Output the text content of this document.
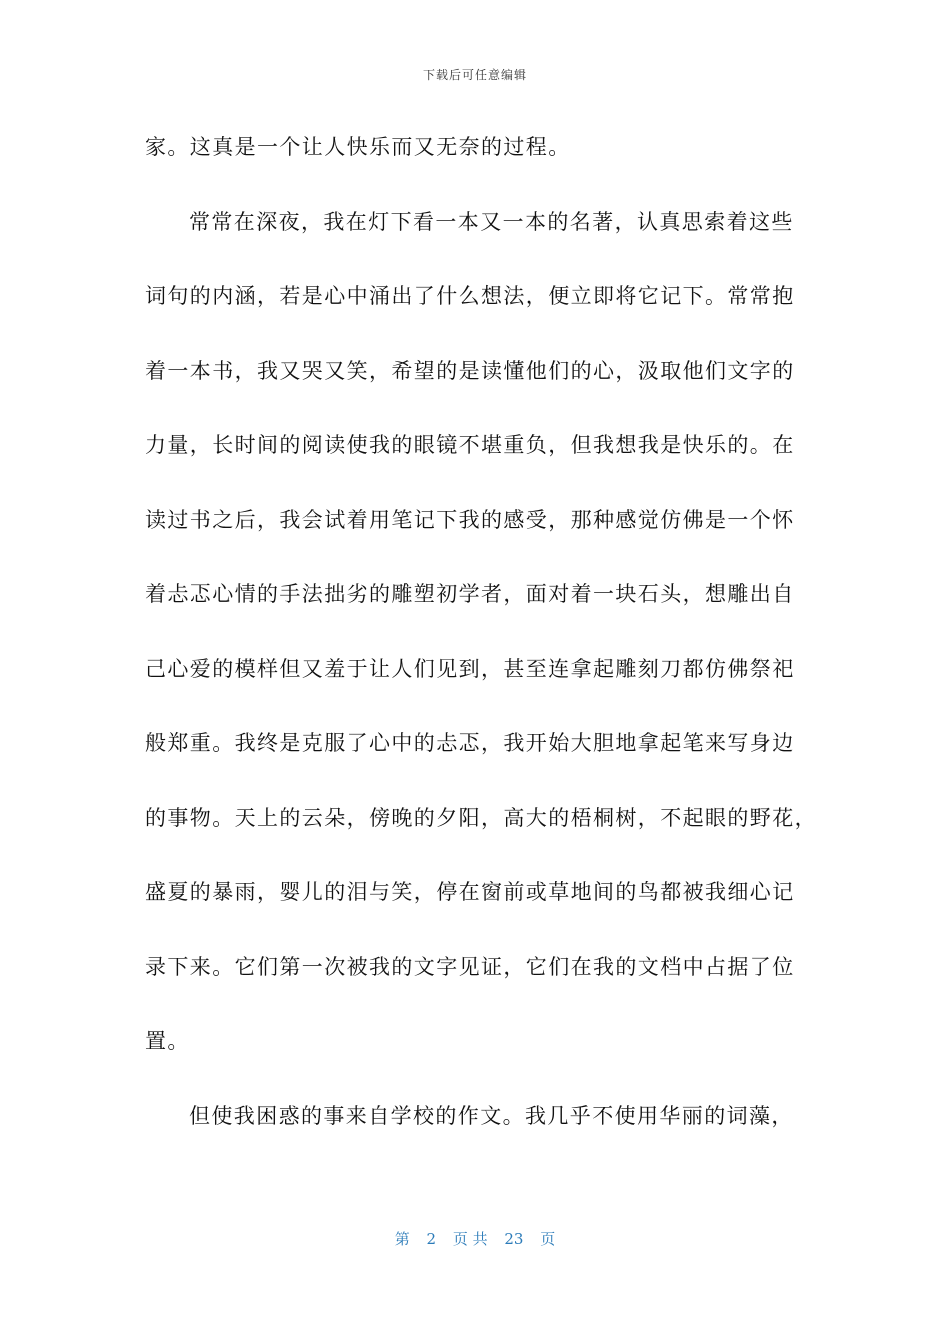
下载后可任意编辑
家。这真是一个让人快乐而又无奈的过程。
常常在深夜，我在灯下看一本又一本的名著，认真思索着这些
词句的内涵，若是心中涌出了什么想法，便立即将它记下。常常抱
着一本书，我又哭又笑，希望的是读懂他们的心，汲取他们文字的
力量，长时间的阅读使我的眼镜不堪重负，但我想我是快乐的。在
读过书之后，我会试着用笔记下我的感受，那种感觉仿佛是一个怀
着忐忑心情的手法拙劣的雕塑初学者，面对着一块石头，想雕出自
己心爱的模样但又羞于让人们见到，甚至连拿起雕刻刀都仿佛祭祀
般郑重。我终是克服了心中的忐忑，我开始大胆地拿起笔来写身边
的事物。天上的云朵，傍晚的夕阳，高大的梧桐树，不起眼的野花，
盛夏的暴雨，婴儿的泪与笑，停在窗前或草地间的鸟都被我细心记
录下来。它们第一次被我的文字见证，它们在我的文档中占据了位
置。
但使我困惑的事来自学校的作文。我几乎不使用华丽的词藻，
第 2 页 共 23 页
